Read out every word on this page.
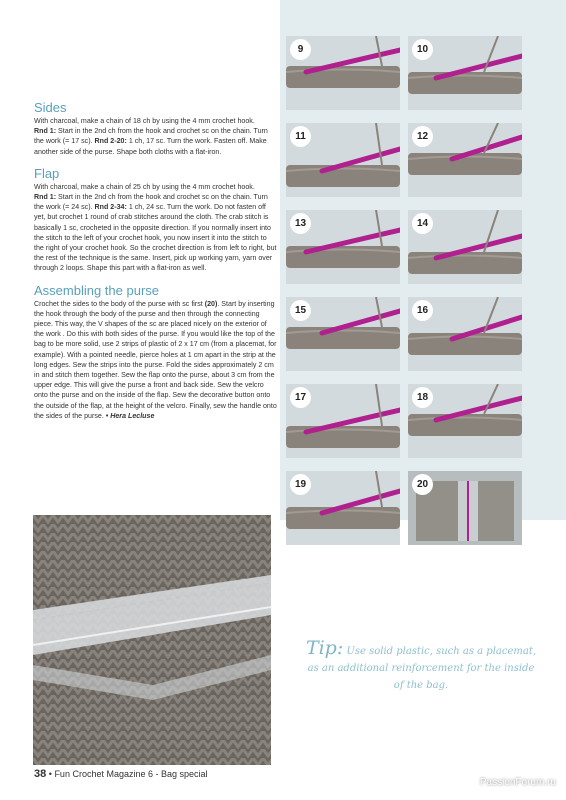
Sides

With charcoal, make a chain of 18 ch by using the 4 mm crochet hook.

Rnd 1: Start in the 2nd ch from the hook and crochet sc on the chain. Turn the work (= 17 sc). Rnd 2-20: 1 ch, 17 sc. Turn the work. Fasten off. Make another side of the purse. Shape both cloths with a flat-iron.

Flap

With charcoal, make a chain of 25 ch by using the 4 mm crochet hook.

Rnd 1: Start in the 2nd ch from the hook and crochet sc on the chain. Turn the work (= 24 sc). Rnd 2-34: 1 ch, 24 sc. Turn the work. Do not fasten off yet, but crochet 1 round of crab stitches around the cloth. The crab stitch is basically 1 sc, crocheted in the opposite direction. If you normally insert into the stitch to the left of your crochet hook, you now insert it into the stitch to the right of your crochet hook. So the crochet direction is from left to right, but the rest of the technique is the same. Insert, pick up working yarn, yarn over through 2 loops. Shape this part with a flat-iron as well.

Assembling the purse

Crochet the sides to the body of the purse with sc first (20). Start by inserting the hook through the body of the purse and then through the connecting piece. This way, the V shapes of the sc are placed nicely on the exterior of the work . Do this with both sides of the purse. If you would like the top of the bag to be more solid, use 2 strips of plastic of 2 x 17 cm (from a placemat, for example). With a pointed needle, pierce holes at 1 cm apart in the strip at the long edges. Sew the strips into the purse. Fold the sides approximately 2 cm in and stitch them together. Sew the flap onto the purse, about 3 cm from the upper edge. This will give the purse a front and back side. Sew the velcro onto the purse and on the inside of the flap. Sew the decorative button onto the outside of the flap, at the height of the velcro. Finally, sew the handle onto the sides of the purse. • Hera Lecluse

9	10
11	12
13	14
15	16
17	18
19	20
Tip: Use solid plastic, such as a placemat,
as an additional reinforcement for the inside
of the bag.
38 • Fun Crochet Magazine 6 - Bag special
PassionForum.ru
